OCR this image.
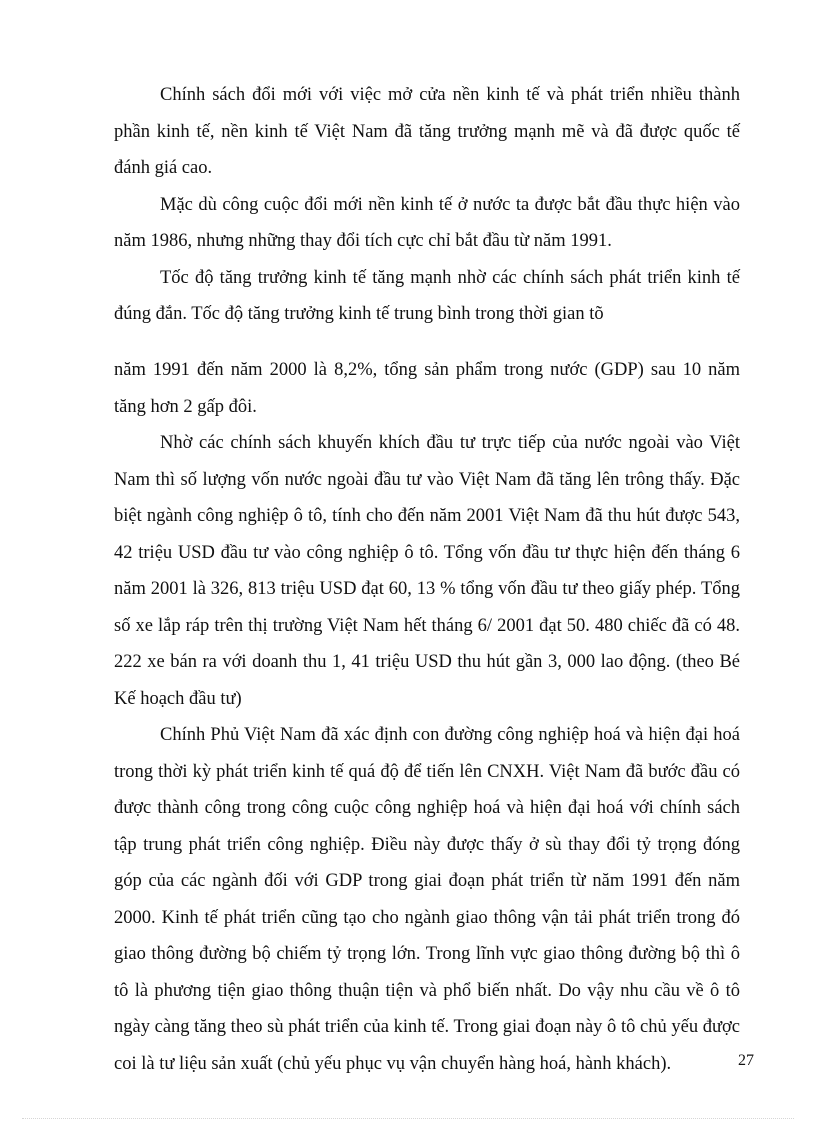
Chính sách đổi mới với việc mở cửa nền kinh tế và phát triển nhiều thành phần kinh tế, nền kinh tế Việt Nam đã tăng trưởng mạnh mẽ và đã được quốc tế đánh giá cao.

Mặc dù công cuộc đổi mới nền kinh tế ở nước ta được bắt đầu thực hiện vào năm 1986, nhưng những thay đổi tích cực chỉ bắt đầu từ năm 1991.

Tốc độ tăng trưởng kinh tế tăng mạnh nhờ các chính sách phát triển kinh tế đúng đắn. Tốc độ tăng trưởng kinh tế trung bình trong thời gian tõ

năm 1991 đến năm 2000 là 8,2%, tổng sản phẩm trong nước (GDP) sau 10 năm tăng hơn 2 gấp đôi.

Nhờ các chính sách khuyến khích đầu tư trực tiếp của nước ngoài vào Việt Nam thì số lượng vốn nước ngoài đầu tư vào Việt Nam đã tăng lên trông thấy. Đặc biệt ngành công nghiệp ô tô, tính cho đến năm 2001 Việt Nam đã thu hút được 543, 42 triệu USD đầu tư vào công nghiệp ô tô. Tổng vốn đầu tư thực hiện đến tháng 6 năm 2001 là 326, 813 triệu USD đạt 60, 13 % tổng vốn đầu tư theo giấy phép. Tổng số xe lắp ráp trên thị trường Việt Nam hết tháng 6/ 2001 đạt 50. 480 chiếc đã có 48. 222 xe bán ra với doanh thu 1, 41 triệu USD thu hút gần 3, 000 lao động. (theo Bé Kế hoạch đầu tư)

Chính Phủ Việt Nam đã xác định con đường công nghiệp hoá và hiện đại hoá trong thời kỳ phát triển kinh tế quá độ để tiến lên CNXH. Việt Nam đã bước đầu có được thành công trong công cuộc công nghiệp hoá và hiện đại hoá với chính sách tập trung phát triển công nghiệp. Điều này được thấy ở sù thay đổi tỷ trọng đóng góp của các ngành đối với GDP trong giai đoạn phát triển từ năm 1991 đến năm 2000. Kinh tế phát triển cũng tạo cho ngành giao thông vận tải phát triển trong đó giao thông đường bộ chiếm tỷ trọng lớn. Trong lĩnh vực giao thông đường bộ thì ô tô là phương tiện giao thông thuận tiện và phổ biến nhất. Do vậy nhu cầu về ô tô ngày càng tăng theo sù phát triển của kinh tế. Trong giai đoạn này ô tô chủ yếu được coi là tư liệu sản xuất (chủ yếu phục vụ vận chuyển hàng hoá, hành khách).	27
